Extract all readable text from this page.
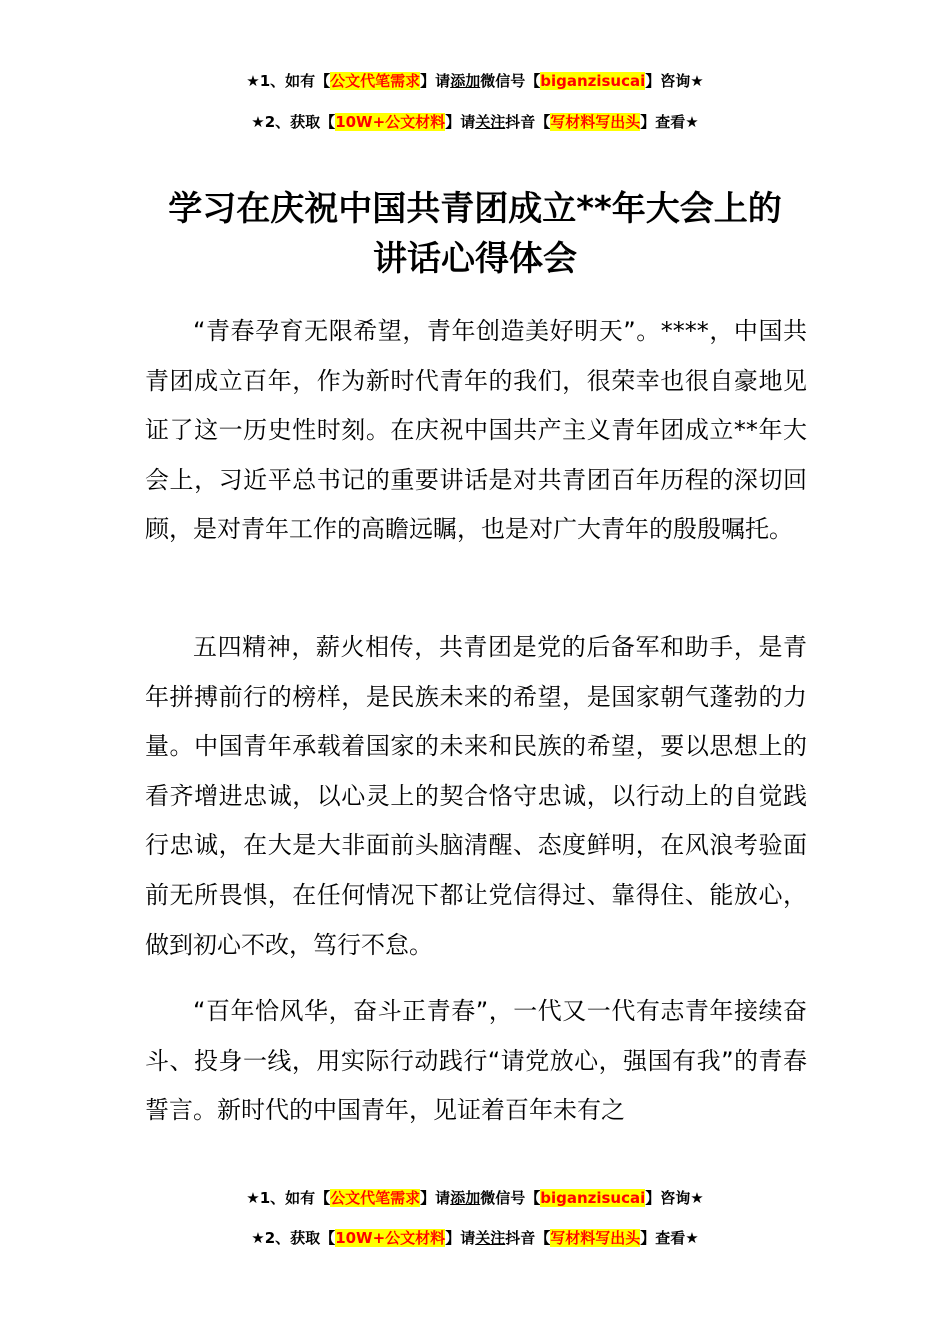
★1、如有【公文代笔需求】请添加微信号【biganzisucai】咨询★
★2、获取【10W+公文材料】请关注抖音【写材料写出头】查看★
学习在庆祝中国共青团成立**年大会上的
讲话心得体会

“青春孕育无限希望，青年创造美好明天”。****，中国共青团成立百年，作为新时代青年的我们，很荣幸也很自豪地见证了这一历史性时刻。在庆祝中国共产主义青年团成立**年大会上，习近平总书记的重要讲话是对共青团百年历程的深切回顾，是对青年工作的高瞻远瞩，也是对广大青年的殷殷嘱托。

五四精神，薪火相传，共青团是党的后备军和助手，是青年拼搏前行的榜样，是民族未来的希望，是国家朝气蓬勃的力量。中国青年承载着国家的未来和民族的希望，要以思想上的看齐增进忠诚，以心灵上的契合恪守忠诚，以行动上的自觉践行忠诚，在大是大非面前头脑清醒、态度鲜明，在风浪考验面前无所畏惧，在任何情况下都让党信得过、靠得住、能放心，做到初心不改，笃行不怠。

“百年恰风华，奋斗正青春”，一代又一代有志青年接续奋斗、投身一线，用实际行动践行“请党放心，强国有我”的青春誓言。新时代的中国青年，见证着百年未有之

★1、如有【公文代笔需求】请添加微信号【biganzisucai】咨询★
★2、获取【10W+公文材料】请关注抖音【写材料写出头】查看★
